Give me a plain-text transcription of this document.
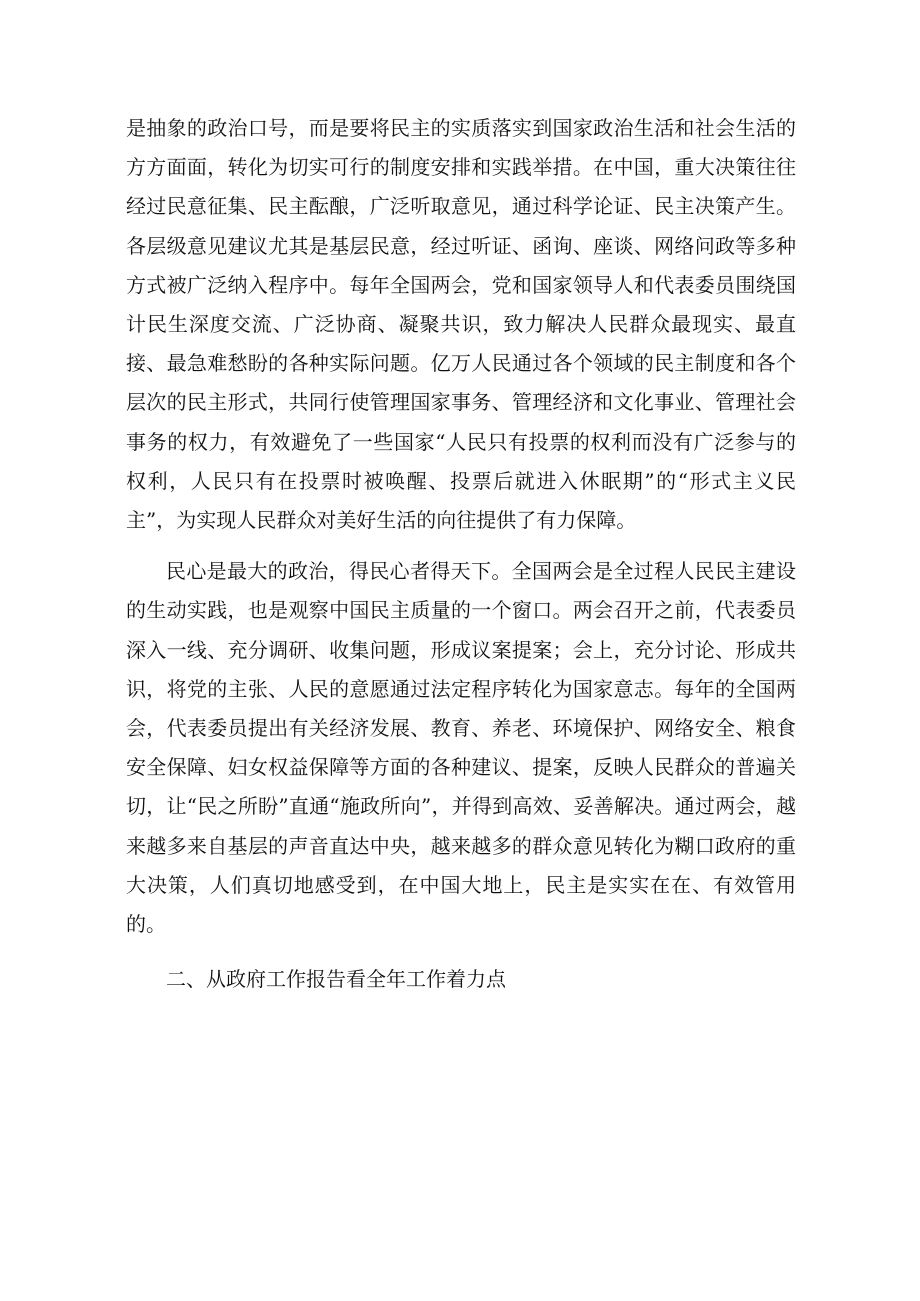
是抽象的政治口号，而是要将民主的实质落实到国家政治生活和社会生活的方方面面，转化为切实可行的制度安排和实践举措。在中国，重大决策往往经过民意征集、民主酝酿，广泛听取意见，通过科学论证、民主决策产生。各层级意见建议尤其是基层民意，经过听证、函询、座谈、网络问政等多种方式被广泛纳入程序中。每年全国两会，党和国家领导人和代表委员围绕国计民生深度交流、广泛协商、凝聚共识，致力解决人民群众最现实、最直接、最急难愁盼的各种实际问题。亿万人民通过各个领域的民主制度和各个层次的民主形式，共同行使管理国家事务、管理经济和文化事业、管理社会事务的权力，有效避免了一些国家“人民只有投票的权利而没有广泛参与的权利，人民只有在投票时被唤醒、投票后就进入休眠期”的“形式主义民主”，为实现人民群众对美好生活的向往提供了有力保障。

民心是最大的政治，得民心者得天下。全国两会是全过程人民民主建设的生动实践，也是观察中国民主质量的一个窗口。两会召开之前，代表委员深入一线、充分调研、收集问题，形成议案提案；会上，充分讨论、形成共识，将党的主张、人民的意愿通过法定程序转化为国家意志。每年的全国两会，代表委员提出有关经济发展、教育、养老、环境保护、网络安全、粮食安全保障、妇女权益保障等方面的各种建议、提案，反映人民群众的普遍关切，让“民之所盼”直通“施政所向”，并得到高效、妥善解决。通过两会，越来越多来自基层的声音直达中央，越来越多的群众意见转化为糊口政府的重大决策，人们真切地感受到，在中国大地上，民主是实实在在、有效管用的。

二、从政府工作报告看全年工作着力点
